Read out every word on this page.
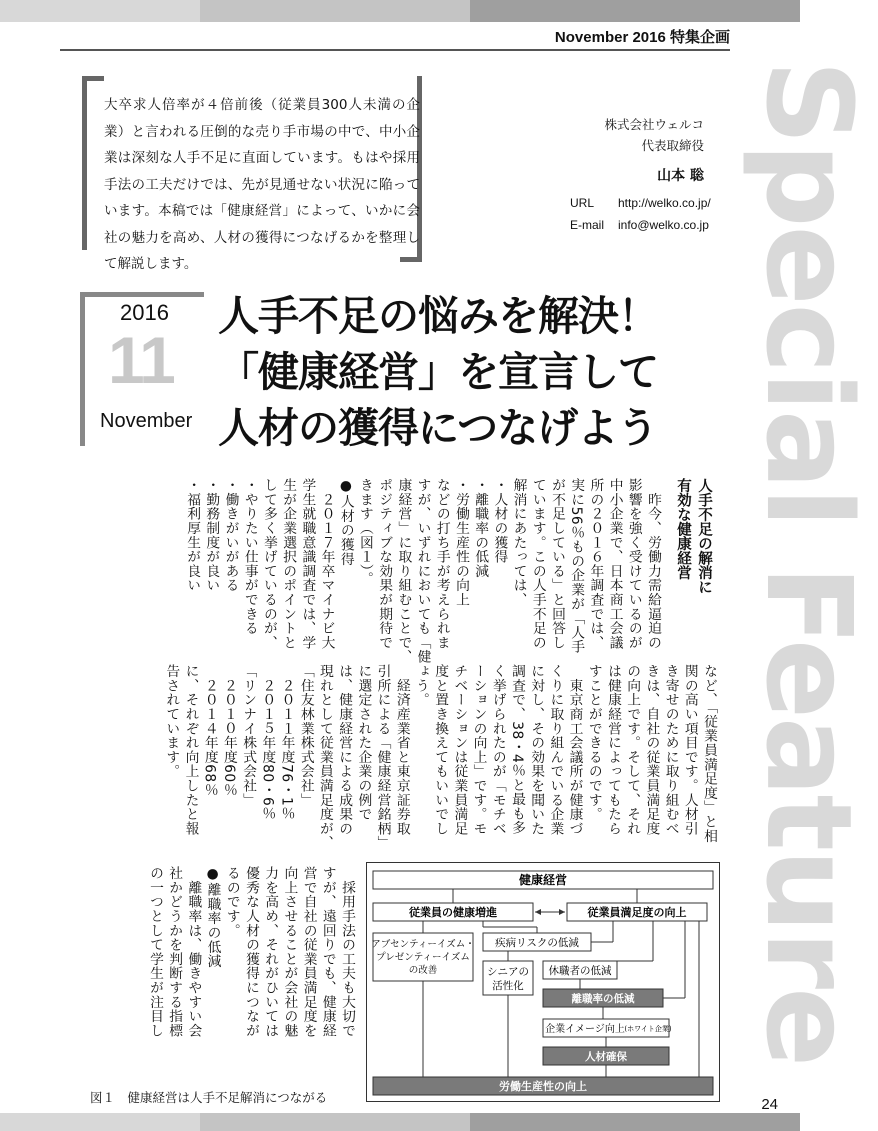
November 2016 特集企画
Special Feature

大卒求人倍率が４倍前後（従業員300人未満の企業）と言われる圧倒的な売り手市場の中で、中小企業は深刻な人手不足に直面しています。もはや採用手法の工夫だけでは、先が見通せない状況に陥っています。本稿では「健康経営」によって、いかに会社の魅力を高め、人材の獲得につなげるかを整理して解説します。

株式会社ウェルコ
代表取締役
山本 聡
URL	http://welko.co.jp/
E-mail	info@welko.co.jp
2016
11
November
人手不足の悩みを解決！
「健康経営」を宣言して
人材の獲得につなげよう
人手不足の解消に
有効な健康経営
　昨今、労働力需給逼迫の
影響を強く受けているのが
中小企業で、日本商工会議
所の２０１６年調査では、
実に56％もの企業が「人手
が不足している」と回答し
ています。この人手不足の
解消にあたっては、
・人材の獲得
・離職率の低減
・労働生産性の向上
などの打ち手が考えられま
すが、いずれにおいても「健
康経営」に取り組むことで、
ポジティブな効果が期待で
きます（図１）。
●人材の獲得
　２０１７年卒マイナビ大
学生就職意識調査では、学
生が企業選択のポイントと
して多く挙げているのが、
・やりたい仕事ができる
・働きがいがある
・勤務制度が良い
・福利厚生が良い
など、「従業員満足度」と相
関の高い項目です。人材引
き寄せのために取り組むべ
きは、自社の従業員満足度
の向上です。そして、それ
は健康経営によってもたら
すことができるのです。
　東京商工会議所が健康づ
くりに取り組んでいる企業
に対し、その効果を聞いた
調査で、38・4％と最も多
く挙げられたのが「モチベ
ーションの向上」です。モ
チベーションは従業員満足
度と置き換えてもいいでし
ょう。
　経済産業省と東京証券取
引所による「健康経営銘柄」
に選定された企業の例で
は、健康経営による成果の
現れとして従業員満足度が、
「住友林業株式会社」
　２０１１年度76・1％
　２０１５年度80・6％
「リンナイ株式会社」
　２０１０年度60％
　２０１４年度68％
に、それぞれ向上したと報
告されています。
　採用手法の工夫も大切で
すが、遠回りでも、健康経
営で自社の従業員満足度を
向上させることが会社の魅
力を高め、それがひいては
優秀な人材の獲得につなが
るのです。
●離職率の低減
　離職率は、働きやすい会
社かどうかを判断する指標
の一つとして学生が注目し	健康経営
従業員の健康増進	従業員満足度の向上
アブセンティーイズム・
プレゼンティーイズム
の改善
疾病リスクの低減
シニアの
活性化
休職者の低減
離職率の低減
企業イメージ向上 (ホワイト企業)
人材確保
労働生産性の向上
図１　健康経営は人手不足解消につながる	24
